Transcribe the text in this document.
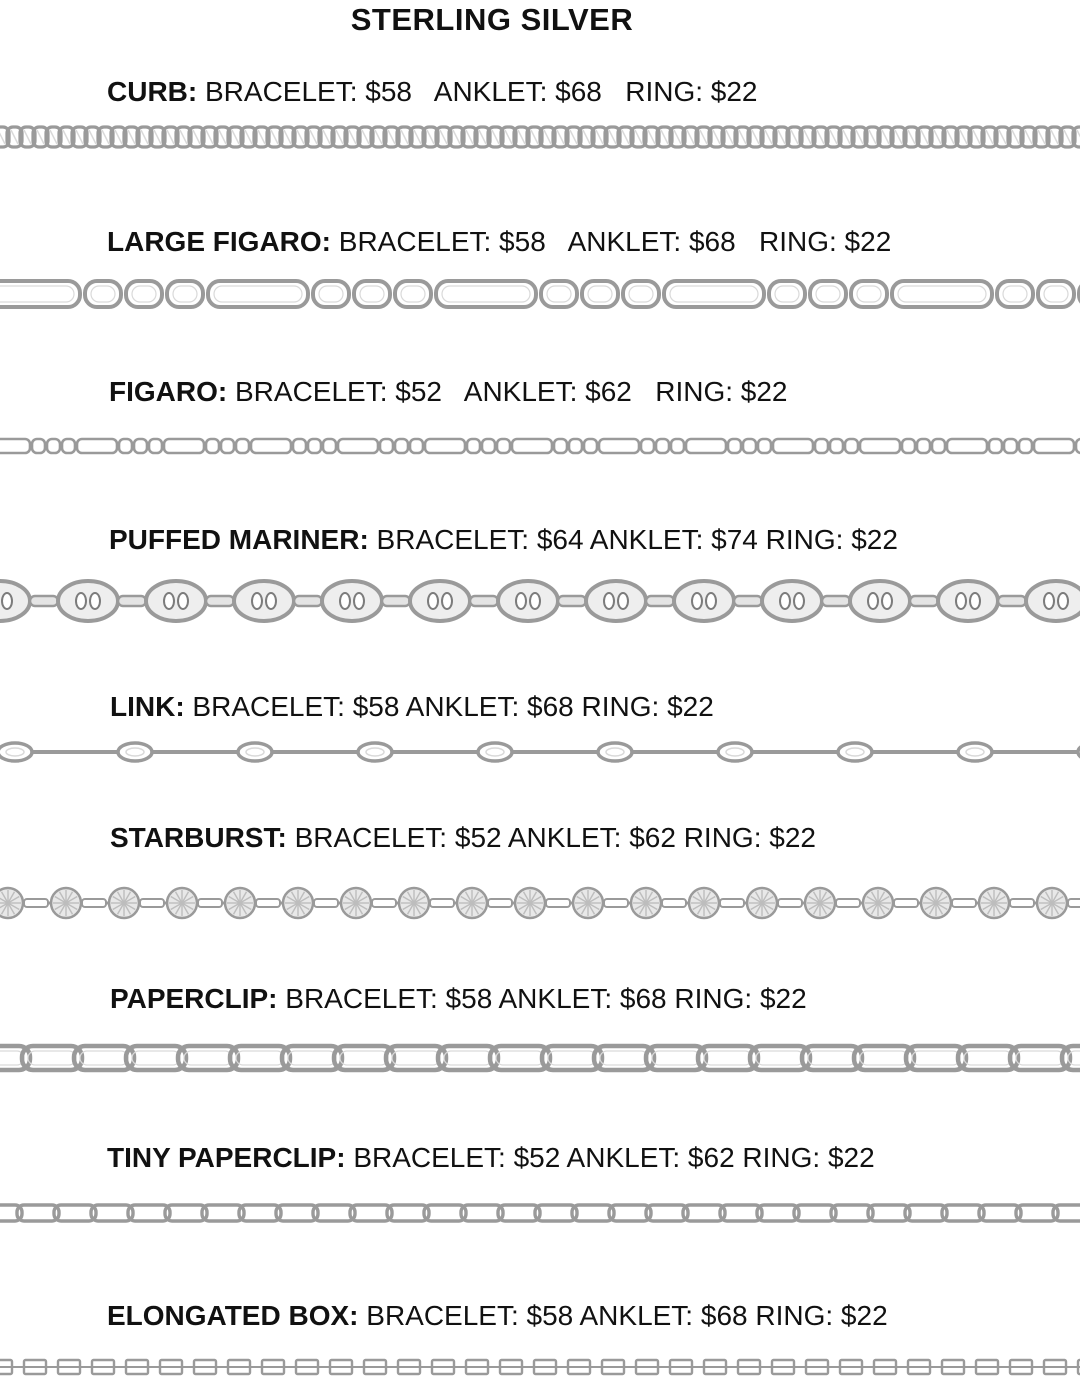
STERLING SILVER
CURB: BRACELET: $58   ANKLET: $68   RING: $22
LARGE FIGARO: BRACELET: $58   ANKLET: $68   RING: $22
FIGARO: BRACELET: $52   ANKLET: $62   RING: $22
PUFFED MARINER: BRACELET: $64 ANKLET: $74 RING: $22
LINK: BRACELET: $58 ANKLET: $68 RING: $22
STARBURST: BRACELET: $52 ANKLET: $62 RING: $22
PAPERCLIP: BRACELET: $58 ANKLET: $68 RING: $22
TINY PAPERCLIP: BRACELET: $52 ANKLET: $62 RING: $22
ELONGATED BOX: BRACELET: $58 ANKLET: $68 RING: $22
